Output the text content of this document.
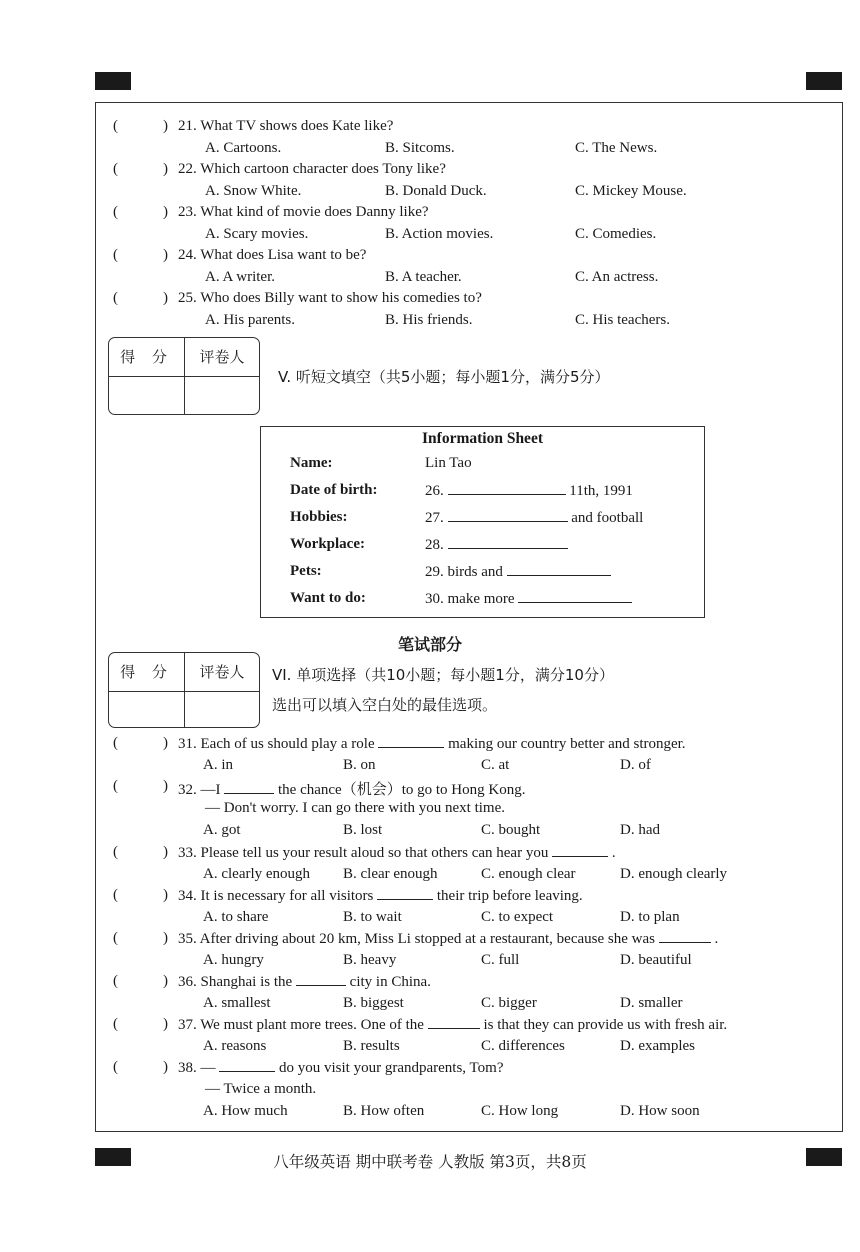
(	) 21. What TV shows does Kate like?
A. Cartoons.	B. Sitcoms.	C. The News.
(	) 22. Which cartoon character does Tony like?
A. Snow White.	B. Donald Duck.	C. Mickey Mouse.
(	) 23. What kind of movie does Danny like?
A. Scary movies.	B. Action movies.	C. Comedies.
(	) 24. What does Lisa want to be?
A. A writer.	B. A teacher.	C. An actress.
(	) 25. Who does Billy want to show his comedies to?
A. His parents.	B. His friends.	C. His teachers.
得 分	评卷人
V. 听短文填空（共5小题；每小题1分，满分5分）
Information Sheet
Name:	Lin Tao
Date of birth:	26.	11th, 1991
Hobbies:	27.	and football
Workplace:	28.
Pets:	29. birds and
Want to do:	30. make more
笔试部分
得 分	评卷人	VI. 单项选择（共10小题；每小题1分，满分10分）
选出可以填入空白处的最佳选项。
(	) 31. Each of us should play a role	making our country better and stronger.
A. in	B. on	C. at	D. of
(	) 32. —I	the chance（机会）to go to Hong Kong.
— Don't worry. I can go there with you next time.
A. got	B. lost	C. bought	D. had
(	) 33. Please tell us your result aloud so that others can hear you	.
A. clearly enough B. clear enough	C. enough clear	D. enough clearly
(	) 34. It is necessary for all visitors	their trip before leaving.
A. to share	B. to wait	C. to expect	D. to plan
(	) 35. After driving about 20 km, Miss Li stopped at a restaurant, because she was	.
A. hungry	B. heavy	C. full	D. beautiful
(	) 36. Shanghai is the	city in China.
A. smallest	B. biggest	C. bigger	D. smaller
(	) 37. We must plant more trees. One of the	is that they can provide us with fresh air.
A. reasons	B. results	C. differences	D. examples
(	) 38. —	do you visit your grandparents, Tom?
— Twice a month.
A. How much	B. How often	C. How long	D. How soon
八年级英语 期中联考卷 人教版 第3页，共8页
